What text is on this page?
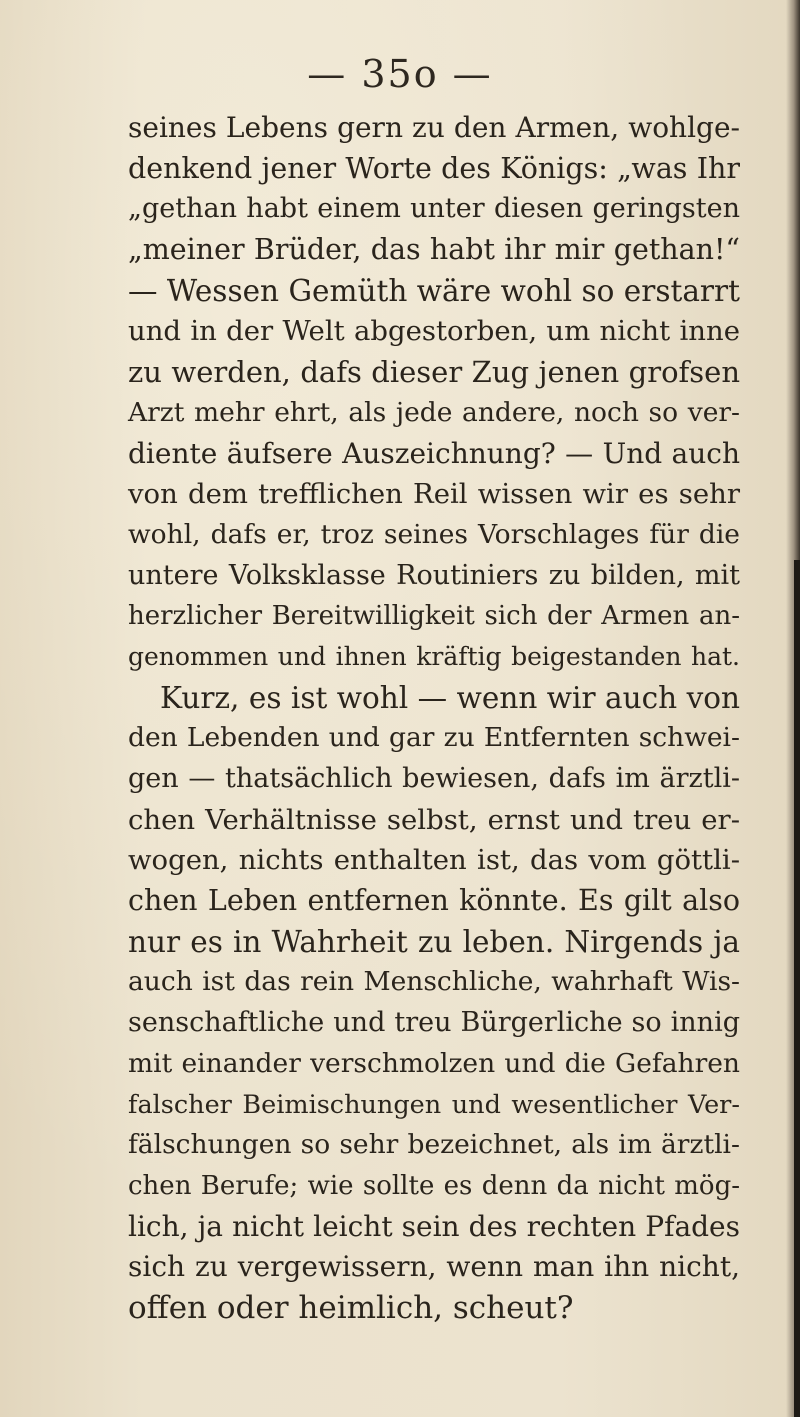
— 35o —
seines Lebens gern zu den Armen, wohlge-
denkend jener Worte des Königs: „was Ihr
„gethan habt einem unter diesen geringsten
„meiner Brüder, das habt ihr mir gethan!“
— Wessen Gemüth wäre wohl so erstarrt
und in der Welt abgestorben, um nicht inne
zu werden, dafs dieser Zug jenen grofsen
Arzt mehr ehrt, als jede andere, noch so ver-
diente äufsere Auszeichnung? — Und auch
von dem trefflichen Reil wissen wir es sehr
wohl, dafs er, troz seines Vorschlages für die
untere Volksklasse Routiniers zu bilden, mit
herzlicher Bereitwilligkeit sich der Armen an-
genommen und ihnen kräftig beigestanden hat.
Kurz, es ist wohl — wenn wir auch von
den Lebenden und gar zu Entfernten schwei-
gen — thatsächlich bewiesen, dafs im ärztli-
chen Verhältnisse selbst, ernst und treu er-
wogen, nichts enthalten ist, das vom göttli-
chen Leben entfernen könnte. Es gilt also
nur es in Wahrheit zu leben. Nirgends ja
auch ist das rein Menschliche, wahrhaft Wis-
senschaftliche und treu Bürgerliche so innig
mit einander verschmolzen und die Gefahren
falscher Beimischungen und wesentlicher Ver-
fälschungen so sehr bezeichnet, als im ärztli-
chen Berufe; wie sollte es denn da nicht mög-
lich, ja nicht leicht sein des rechten Pfades
sich zu vergewissern, wenn man ihn nicht,
offen oder heimlich, scheut?
